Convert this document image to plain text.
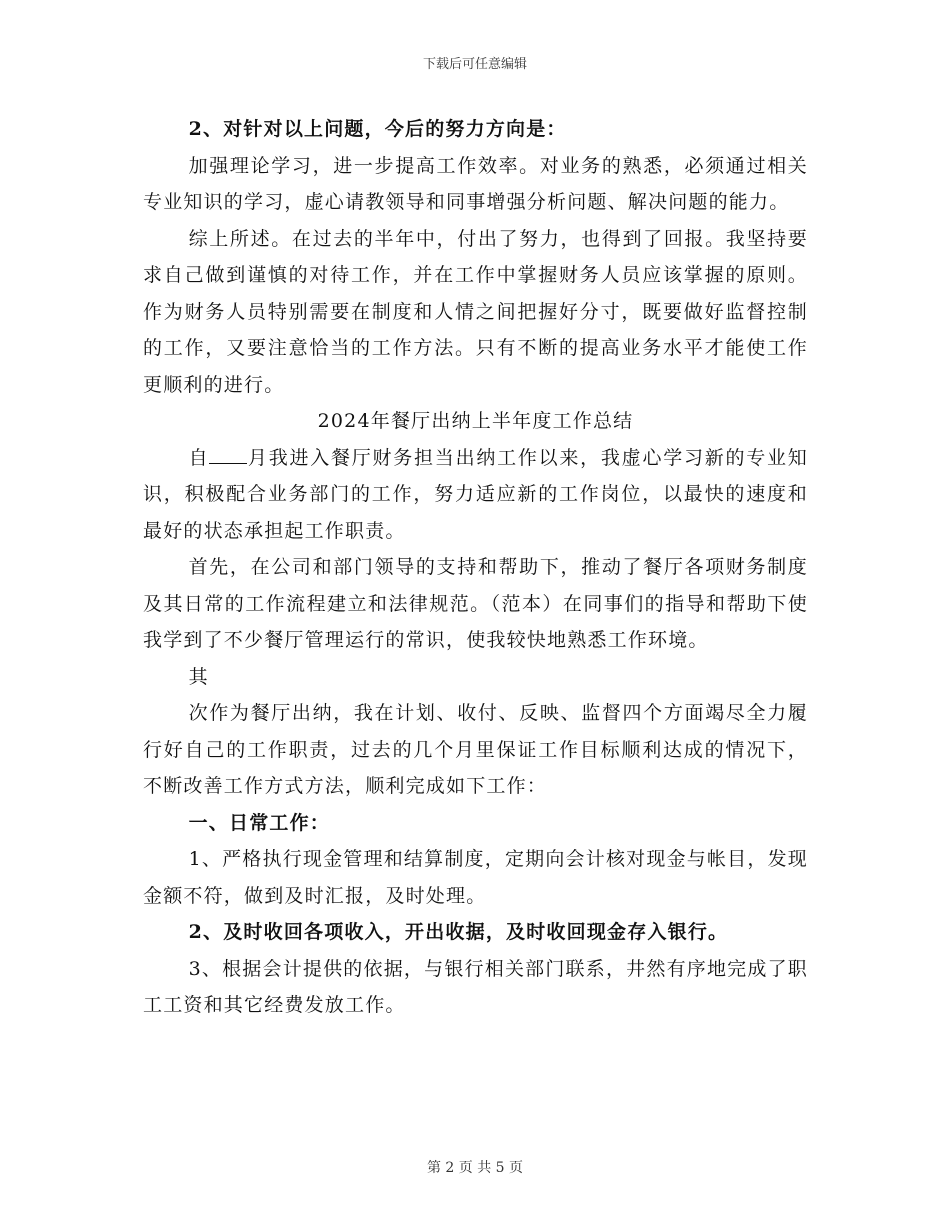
下载后可任意编辑

2、对针对以上问题，今后的努力方向是：

加强理论学习，进一步提高工作效率。对业务的熟悉，必须通过相关专业知识的学习，虚心请教领导和同事增强分析问题、解决问题的能力。

综上所述。在过去的半年中，付出了努力，也得到了回报。我坚持要求自己做到谨慎的对待工作，并在工作中掌握财务人员应该掌握的原则。作为财务人员特别需要在制度和人情之间把握好分寸，既要做好监督控制的工作，又要注意恰当的工作方法。只有不断的提高业务水平才能使工作更顺利的进行。

2024年餐厅出纳上半年度工作总结

自 月我进入餐厅财务担当出纳工作以来，我虚心学习新的专业知识，积极配合业务部门的工作，努力适应新的工作岗位，以最快的速度和最好的状态承担起工作职责。

首先，在公司和部门领导的支持和帮助下，推动了餐厅各项财务制度及其日常的工作流程建立和法律规范。（范本）在同事们的指导和帮助下使我学到了不少餐厅管理运行的常识，使我较快地熟悉工作环境。

其

次作为餐厅出纳，我在计划、收付、反映、监督四个方面竭尽全力履行好自己的工作职责，过去的几个月里保证工作目标顺利达成的情况下，不断改善工作方式方法，顺利完成如下工作：

一、日常工作：

1、严格执行现金管理和结算制度，定期向会计核对现金与帐目，发现金额不符，做到及时汇报，及时处理。

2、及时收回各项收入，开出收据，及时收回现金存入银行。

3、根据会计提供的依据，与银行相关部门联系，井然有序地完成了职工工资和其它经费发放工作。

第 2 页 共 5 页
